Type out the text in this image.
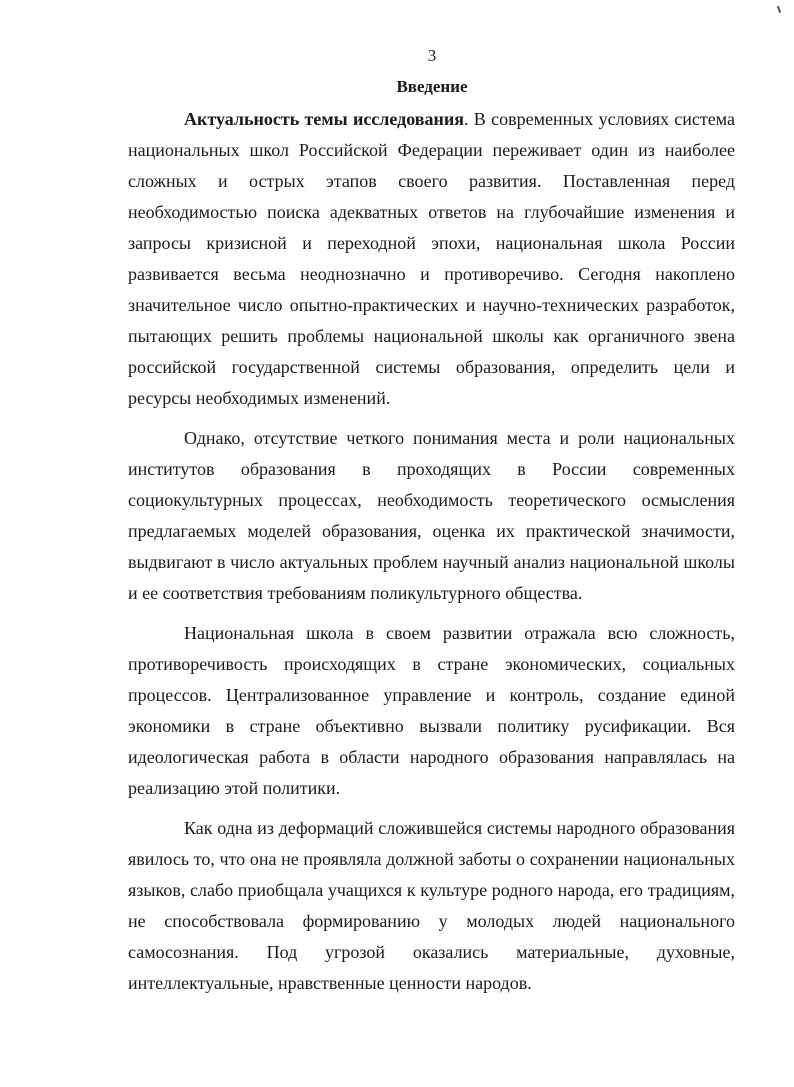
3
Введение

Актуальность темы исследования. В современных условиях система национальных школ Российской Федерации переживает один из наиболее сложных и острых этапов своего развития. Поставленная перед необходимостью поиска адекватных ответов на глубочайшие изменения и запросы кризисной и переходной эпохи, национальная школа России развивается весьма неоднозначно и противоречиво. Сегодня накоплено значительное число опытно-практических и научно-технических разработок, пытающих решить проблемы национальной школы как органичного звена российской государственной системы образования, определить цели и ресурсы необходимых изменений.

Однако, отсутствие четкого понимания места и роли национальных институтов образования в проходящих в России современных социокультурных процессах, необходимость теоретического осмысления предлагаемых моделей образования, оценка их практической значимости, выдвигают в число актуальных проблем научный анализ национальной школы и ее соответствия требованиям поликультурного общества.

Национальная школа в своем развитии отражала всю сложность, противоречивость происходящих в стране экономических, социальных процессов. Централизованное управление и контроль, создание единой экономики в стране объективно вызвали политику русификации. Вся идеологическая работа в области народного образования направлялась на реализацию этой политики.

Как одна из деформаций сложившейся системы народного образования явилось то, что она не проявляла должной заботы о сохранении национальных языков, слабо приобщала учащихся к культуре родного народа, его традициям, не способствовала формированию у молодых людей национального самосознания. Под угрозой оказались материальные, духовные, интеллектуальные, нравственные ценности народов.
